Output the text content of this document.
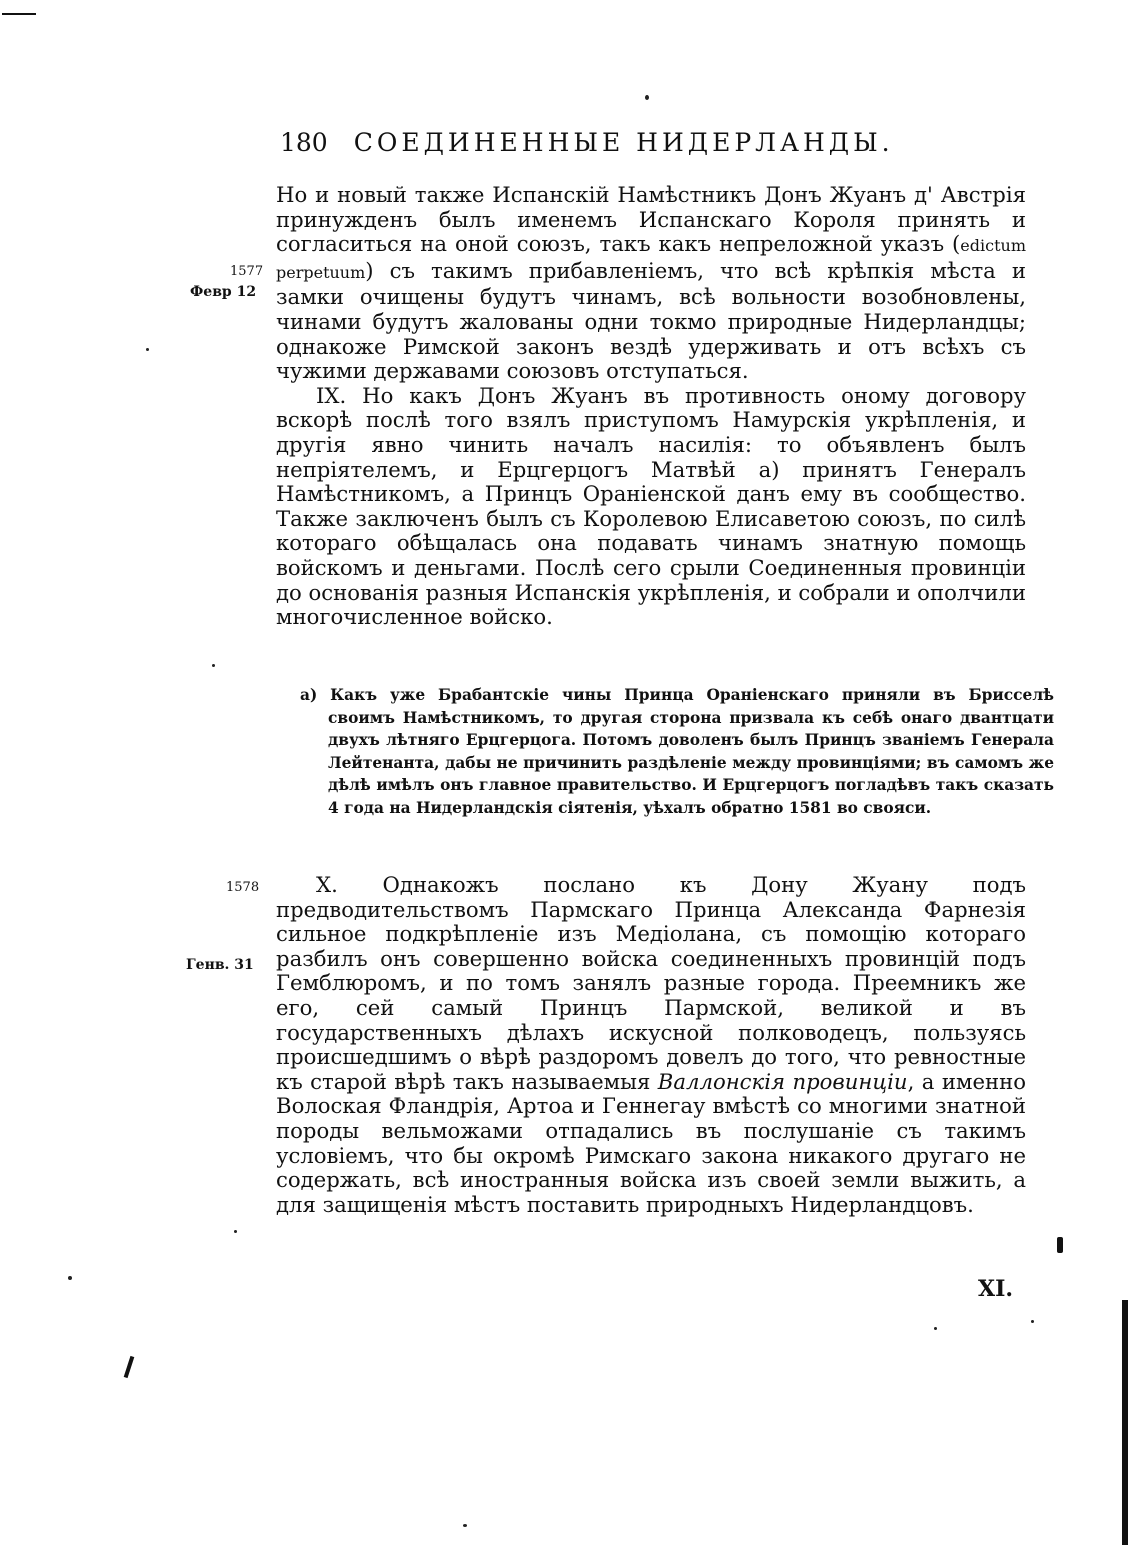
180 СОЕДИНЕННЫЕ НИДЕРЛАНДЫ.

Но и новый также Испанскiй Намѣстникъ Донъ Жуанъ д' Австрiя принужденъ былъ именемъ Испанскаго Короля принять и согласиться на оной союзъ, такъ какъ непреложной указъ (edictum perpetuum) съ такимъ прибавленiемъ, что всѣ крѣпкiя мѣста и замки очищены будутъ чинамъ, всѣ вольности возобновлены, чинами будутъ жалованы одни токмо природные Нидерландцы; однакоже Римской законъ вездѣ удерживать и отъ всѣхъ съ чужими державами союзовъ отступаться.

IX. Но какъ Донъ Жуанъ въ противность оному договору вскорѣ послѣ того взялъ приступомъ Намурскiя укрѣпленiя, и другiя явно чинить началъ насилiя: то объявленъ былъ непрiятелемъ, и Ерцгерцогъ Матвѣй а) принятъ Генералъ Намѣстникомъ, а Принцъ Оранiенской данъ ему въ сообщество. Также заключенъ былъ съ Королевою Елисаветою союзъ, по силѣ котораго обѣщалась она подавать чинамъ знатную помощь войскомъ и деньгами. Послѣ сего срыли Соединенныя провинцiи до основанiя разныя Испанскiя укрѣпленiя, и собрали и ополчили многочисленное войско.

а) Какъ уже Брабантскiе чины Принца Оранiенскаго приняли въ Брисселѣ своимъ Намѣстникомъ, то другая сторона призвала къ себѣ онаго двантцати двухъ лѣтняго Ерцгерцога. Потомъ доволенъ былъ Принцъ званiемъ Генерала Лейтенанта, дабы не причинить раздѣленiе между провинцiями; въ самомъ же дѣлѣ имѣлъ онъ главное правительство. И Ерцгерцогъ погладѣвъ такъ сказать 4 года на Нидерландскiя сiятенiя, уѣхалъ обратно 1581 во свояси.

X. Однакожъ послано къ Дону Жуану подъ предводительствомъ Пармскаго Принца Александа Фарнезiя сильное подкрѣпленiе изъ Медiолана, съ помощiю котораго разбилъ онъ совершенно войска соединенныхъ провинцiй подъ Гемблюромъ, и по томъ занялъ разные города. Преемникъ же его, сей самый Принцъ Пармской, великой и въ государственныхъ дѣлахъ искусной полководецъ, пользуясь происшедшимъ о вѣрѣ раздоромъ довелъ до того, что ревностные къ старой вѣрѣ такъ называемыя Валлонскiя провинцiи, а именно Волоская Фландрiя, Артоа и Геннегау вмѣстѣ со многими знатной породы вельможами отпадались въ послушанiе съ такимъ условiемъ, что бы окромѣ Римскаго закона никакого другаго не содержать, всѣ иностранныя войска изъ своей земли выжить, а для защищенiя мѣстъ поставить природныхъ Нидерландцовъ.

1577
Февр 12
1578
Генв. 31
XI.
